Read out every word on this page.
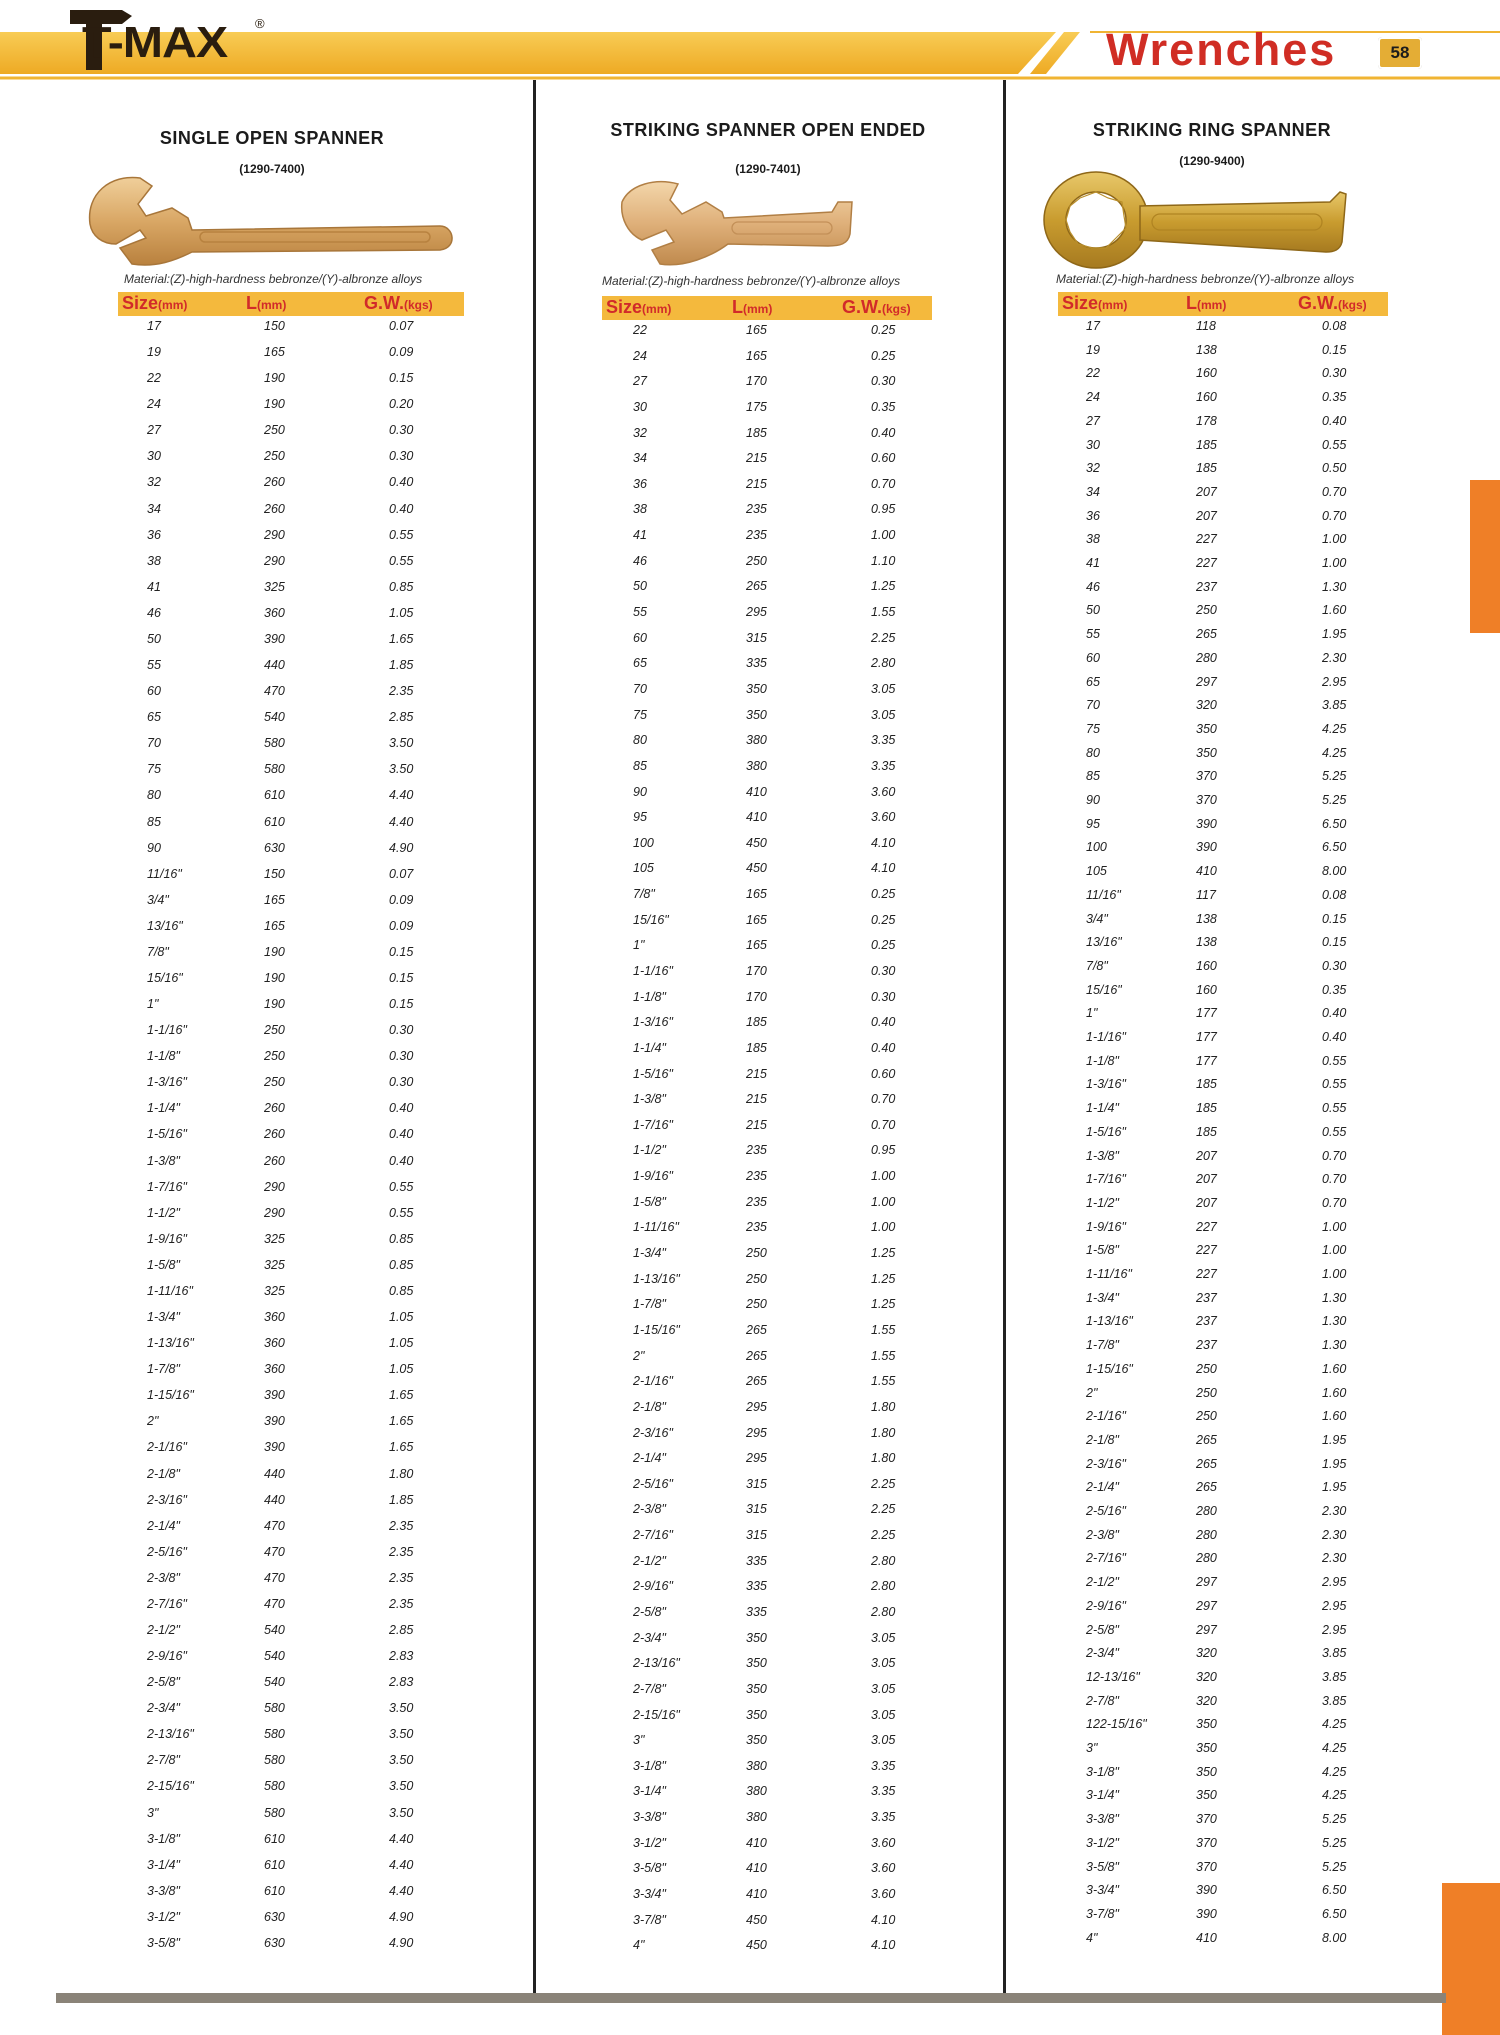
T-MAX ®
Wrenches	58
SINGLE OPEN SPANNER
(1290-7400)
Material:(Z)-high-hardness bebronze/(Y)-albronze alloys
Size(mm)	L(mm)	G.W.(kgs)
17	150	0.07
19	165	0.09
22	190	0.15
24	190	0.20
27	250	0.30
30	250	0.30
32	260	0.40
34	260	0.40
36	290	0.55
38	290	0.55
41	325	0.85
46	360	1.05
50	390	1.65
55	440	1.85
60	470	2.35
65	540	2.85
70	580	3.50
75	580	3.50
80	610	4.40
85	610	4.40
90	630	4.90
11/16"	150	0.07
3/4"	165	0.09
13/16"	165	0.09
7/8"	190	0.15
15/16"	190	0.15
1"	190	0.15
1-1/16"	250	0.30
1-1/8"	250	0.30
1-3/16"	250	0.30
1-1/4"	260	0.40
1-5/16"	260	0.40
1-3/8"	260	0.40
1-7/16"	290	0.55
1-1/2"	290	0.55
1-9/16"	325	0.85
1-5/8"	325	0.85
1-11/16"	325	0.85
1-3/4"	360	1.05
1-13/16"	360	1.05
1-7/8"	360	1.05
1-15/16"	390	1.65
2"	390	1.65
2-1/16"	390	1.65
2-1/8"	440	1.80
2-3/16"	440	1.85
2-1/4"	470	2.35
2-5/16"	470	2.35
2-3/8"	470	2.35
2-7/16"	470	2.35
2-1/2"	540	2.85
2-9/16"	540	2.83
2-5/8"	540	2.83
2-3/4"	580	3.50
2-13/16"	580	3.50
2-7/8"	580	3.50
2-15/16"	580	3.50
3"	580	3.50
3-1/8"	610	4.40
3-1/4"	610	4.40
3-3/8"	610	4.40
3-1/2"	630	4.90
3-5/8"	630	4.90
STRIKING SPANNER OPEN ENDED
(1290-7401)
Material:(Z)-high-hardness bebronze/(Y)-albronze alloys
Size(mm)	L(mm)	G.W.(kgs)
22	165	0.25
24	165	0.25
27	170	0.30
30	175	0.35
32	185	0.40
34	215	0.60
36	215	0.70
38	235	0.95
41	235	1.00
46	250	1.10
50	265	1.25
55	295	1.55
60	315	2.25
65	335	2.80
70	350	3.05
75	350	3.05
80	380	3.35
85	380	3.35
90	410	3.60
95	410	3.60
100	450	4.10
105	450	4.10
7/8"	165	0.25
15/16"	165	0.25
1"	165	0.25
1-1/16"	170	0.30
1-1/8"	170	0.30
1-3/16"	185	0.40
1-1/4"	185	0.40
1-5/16"	215	0.60
1-3/8"	215	0.70
1-7/16"	215	0.70
1-1/2"	235	0.95
1-9/16"	235	1.00
1-5/8"	235	1.00
1-11/16"	235	1.00
1-3/4"	250	1.25
1-13/16"	250	1.25
1-7/8"	250	1.25
1-15/16"	265	1.55
2"	265	1.55
2-1/16"	265	1.55
2-1/8"	295	1.80
2-3/16"	295	1.80
2-1/4"	295	1.80
2-5/16"	315	2.25
2-3/8"	315	2.25
2-7/16"	315	2.25
2-1/2"	335	2.80
2-9/16"	335	2.80
2-5/8"	335	2.80
2-3/4"	350	3.05
2-13/16"	350	3.05
2-7/8"	350	3.05
2-15/16"	350	3.05
3"	350	3.05
3-1/8"	380	3.35
3-1/4"	380	3.35
3-3/8"	380	3.35
3-1/2"	410	3.60
3-5/8"	410	3.60
3-3/4"	410	3.60
3-7/8"	450	4.10
4"	450	4.10
STRIKING RING SPANNER
(1290-9400)
Material:(Z)-high-hardness bebronze/(Y)-albronze alloys
Size(mm)	L(mm)	G.W.(kgs)
17	118	0.08
19	138	0.15
22	160	0.30
24	160	0.35
27	178	0.40
30	185	0.55
32	185	0.50
34	207	0.70
36	207	0.70
38	227	1.00
41	227	1.00
46	237	1.30
50	250	1.60
55	265	1.95
60	280	2.30
65	297	2.95
70	320	3.85
75	350	4.25
80	350	4.25
85	370	5.25
90	370	5.25
95	390	6.50
100	390	6.50
105	410	8.00
11/16"	117	0.08
3/4"	138	0.15
13/16"	138	0.15
7/8"	160	0.30
15/16"	160	0.35
1"	177	0.40
1-1/16"	177	0.40
1-1/8"	177	0.55
1-3/16"	185	0.55
1-1/4"	185	0.55
1-5/16"	185	0.55
1-3/8"	207	0.70
1-7/16"	207	0.70
1-1/2"	207	0.70
1-9/16"	227	1.00
1-5/8"	227	1.00
1-11/16"	227	1.00
1-3/4"	237	1.30
1-13/16"	237	1.30
1-7/8"	237	1.30
1-15/16"	250	1.60
2"	250	1.60
2-1/16"	250	1.60
2-1/8"	265	1.95
2-3/16"	265	1.95
2-1/4"	265	1.95
2-5/16"	280	2.30
2-3/8"	280	2.30
2-7/16"	280	2.30
2-1/2"	297	2.95
2-9/16"	297	2.95
2-5/8"	297	2.95
2-3/4"	320	3.85
12-13/16"	320	3.85
2-7/8"	320	3.85
122-15/16"	350	4.25
3"	350	4.25
3-1/8"	350	4.25
3-1/4"	350	4.25
3-3/8"	370	5.25
3-1/2"	370	5.25
3-5/8"	370	5.25
3-3/4"	390	6.50
3-7/8"	390	6.50
4"	410	8.00
